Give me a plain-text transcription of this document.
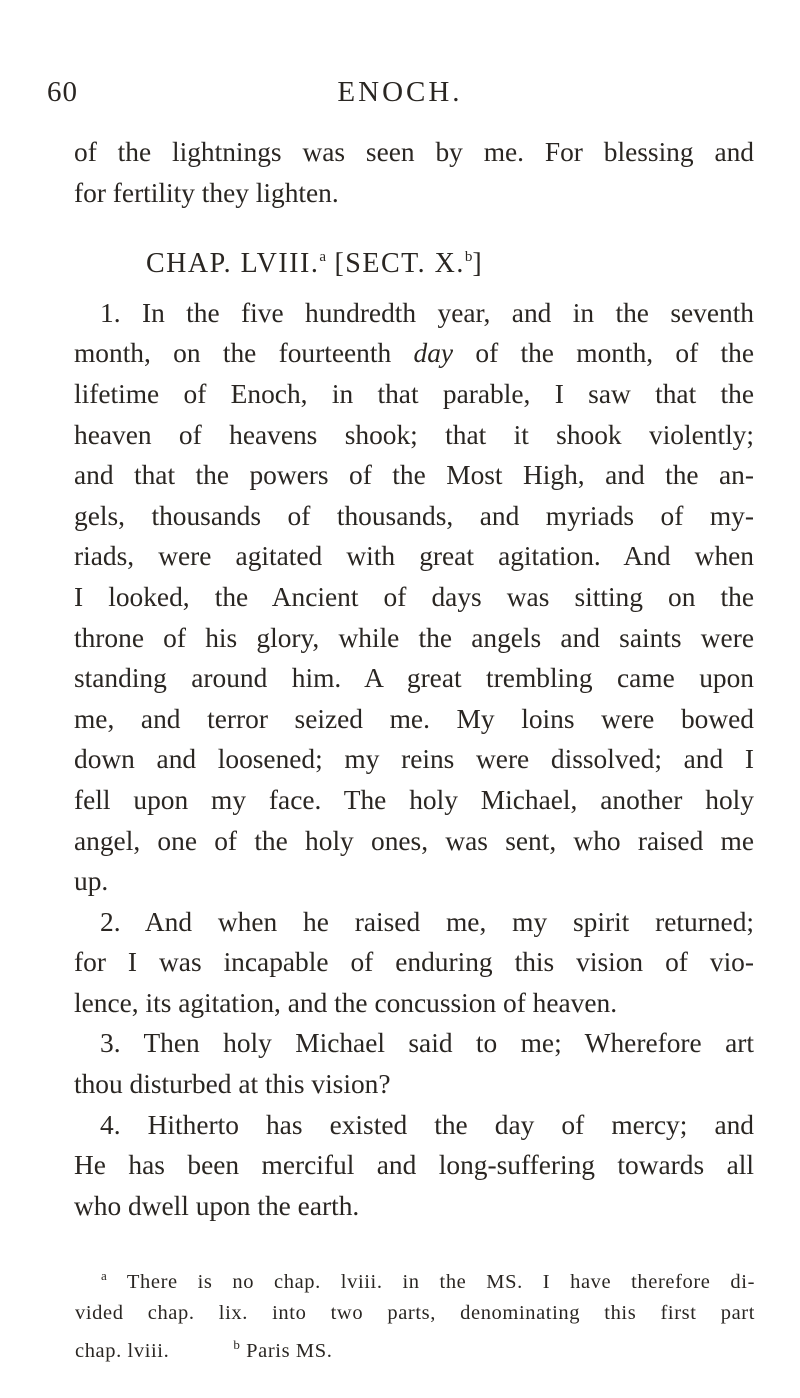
60	ENOCH.
of the lightnings was seen by me. For blessing and
for fertility they lighten.
CHAP. LVIII.$^a$ [SECT. X.$^b$]
1. In the five hundredth year, and in the seventh
month, on the fourteenth day of the month, of the
lifetime of Enoch, in that parable, I saw that the
heaven of heavens shook; that it shook violently;
and that the powers of the Most High, and the an-
gels, thousands of thousands, and myriads of my-
riads, were agitated with great agitation. And when
I looked, the Ancient of days was sitting on the
throne of his glory, while the angels and saints were
standing around him. A great trembling came upon
me, and terror seized me. My loins were bowed
down and loosened; my reins were dissolved; and I
fell upon my face. The holy Michael, another holy
angel, one of the holy ones, was sent, who raised me
up.
2. And when he raised me, my spirit returned;
for I was incapable of enduring this vision of vio-
lence, its agitation, and the concussion of heaven.
3. Then holy Michael said to me; Wherefore art
thou disturbed at this vision?
4. Hitherto has existed the day of mercy; and
He has been merciful and long-suffering towards all
who dwell upon the earth.
$^a$ There is no chap. lviii. in the MS. I have therefore di-
vided chap. lix. into two parts, denominating this first part
chap. lviii.	$^b$ Paris MS.
